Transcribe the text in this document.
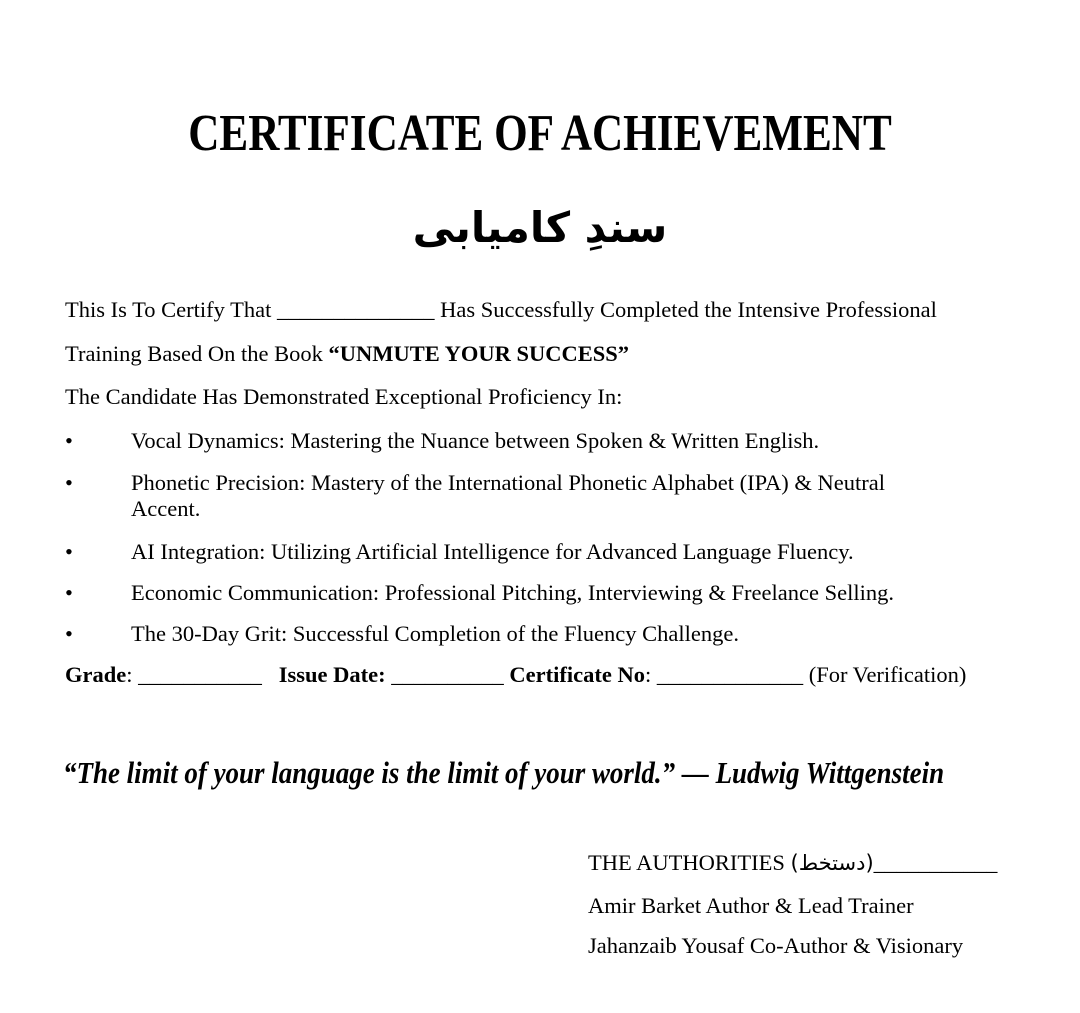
CERTIFICATE OF ACHIEVEMENT
سندِ کامیابی
This Is To Certify That ______________ Has Successfully Completed the Intensive Professional
Training Based On the Book “UNMUTE YOUR SUCCESS”
The Candidate Has Demonstrated Exceptional Proficiency In:
•	Vocal Dynamics: Mastering the Nuance between Spoken & Written English.
•	Phonetic Precision: Mastery of the International Phonetic Alphabet (IPA) & Neutral
Accent.
•	AI Integration: Utilizing Artificial Intelligence for Advanced Language Fluency.
•	Economic Communication: Professional Pitching, Interviewing & Freelance Selling.
•	The 30-Day Grit: Successful Completion of the Fluency Challenge.
Grade: ___________   Issue Date: __________ Certificate No: _____________ (For Verification)
“The limit of your language is the limit of your world.” — Ludwig Wittgenstein
THE AUTHORITIES (دستخط)___________
Amir Barket Author & Lead Trainer
Jahanzaib Yousaf Co-Author & Visionary
